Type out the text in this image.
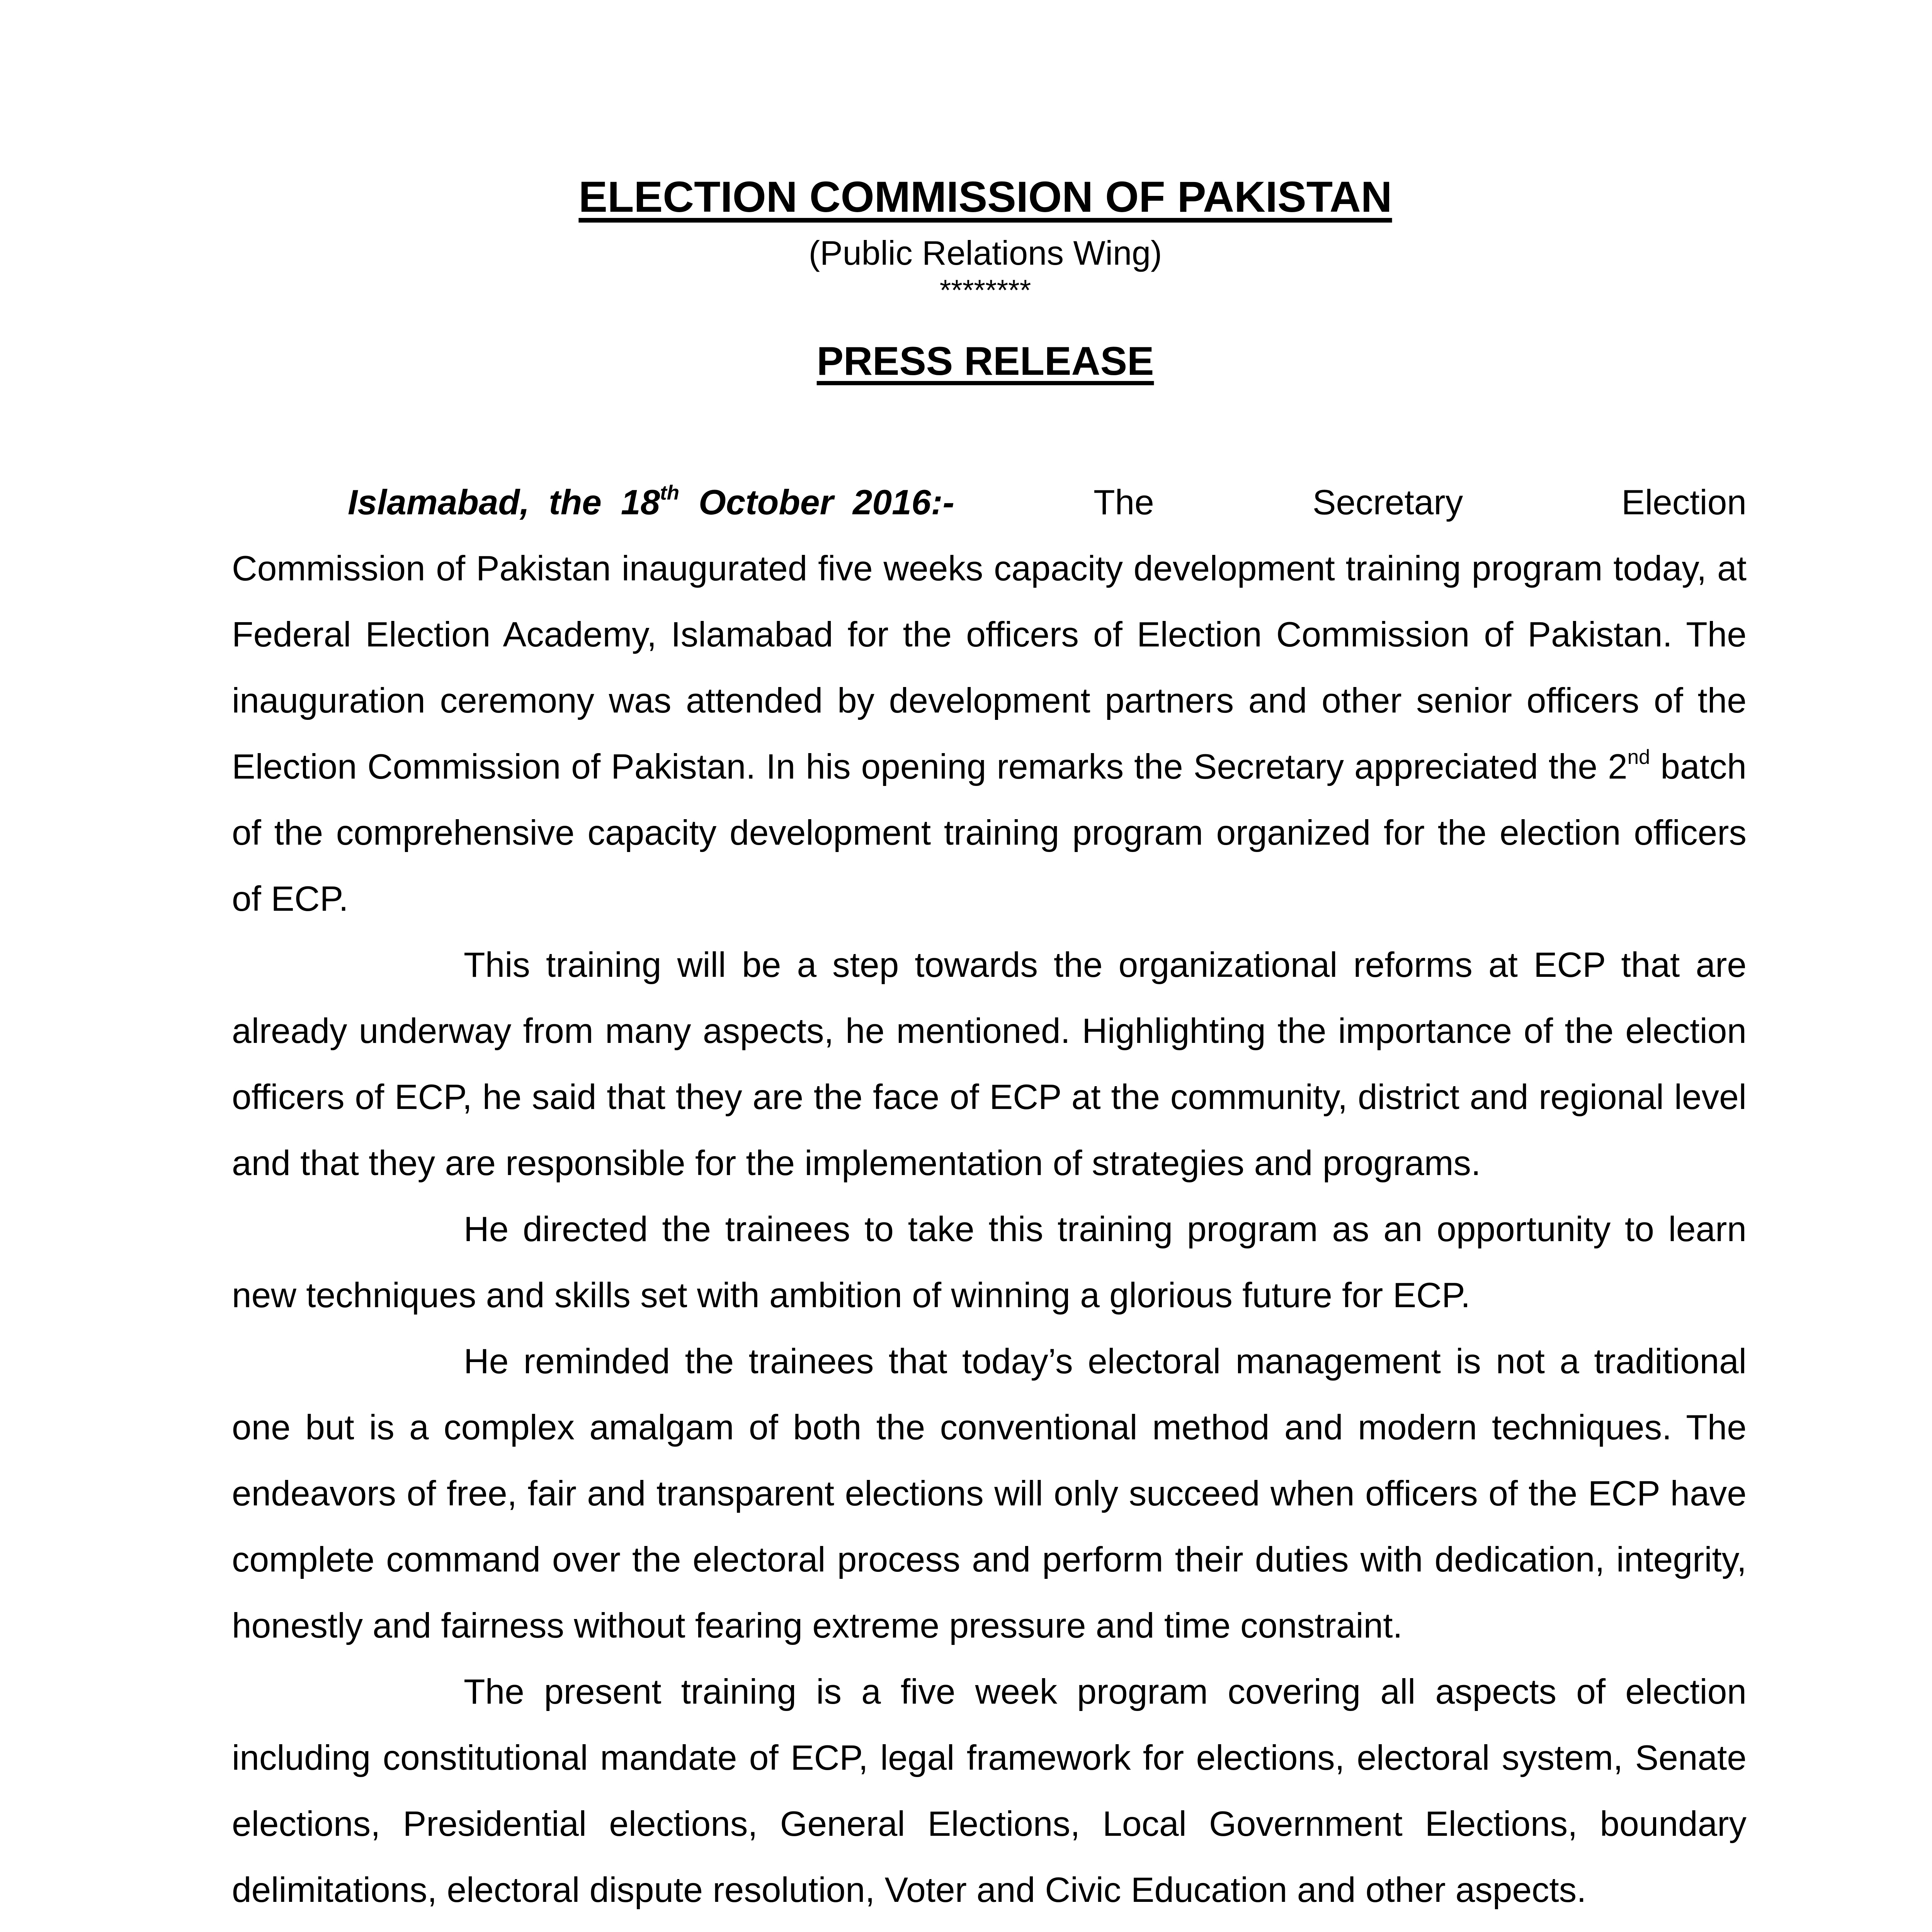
ELECTION COMMISSION OF PAKISTAN
(Public Relations Wing)
********
PRESS RELEASE

Islamabad, the 18th October 2016:-	The Secretary Election Commission of Pakistan inaugurated five weeks capacity development training program today, at Federal Election Academy, Islamabad for the officers of Election Commission of Pakistan. The inauguration ceremony was attended by development partners and other senior officers of the Election Commission of Pakistan. In his opening remarks the Secretary appreciated the 2nd batch of the comprehensive capacity development training program organized for the election officers of ECP.

This training will be a step towards the organizational reforms at ECP that are already underway from many aspects, he mentioned. Highlighting the importance of the election officers of ECP, he said that they are the face of ECP at the community, district and regional level and that they are responsible for the implementation of strategies and programs.

He directed the trainees to take this training program as an opportunity to learn new techniques and skills set with ambition of winning a glorious future for ECP.

He reminded the trainees that today’s electoral management is not a traditional one but is a complex amalgam of both the conventional method and modern techniques. The endeavors of free, fair and transparent elections will only succeed when officers of the ECP have complete command over the electoral process and perform their duties with dedication, integrity, honestly and fairness without fearing extreme pressure and time constraint.

The present training is a five week program covering all aspects of election including constitutional mandate of ECP, legal framework for elections, electoral system, Senate elections, Presidential elections, General Elections, Local Government Elections, boundary delimitations, electoral dispute resolution, Voter and Civic Education and other aspects.
